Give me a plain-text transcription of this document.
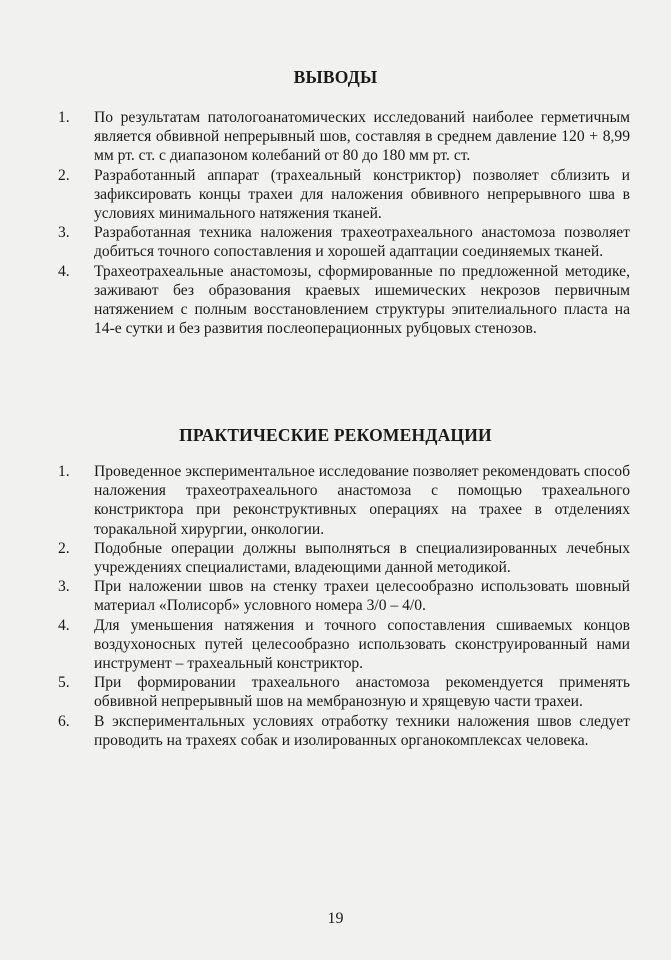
ВЫВОДЫ
1.	По результатам патологоанатомических исследований наиболее герметичным является обвивной непрерывный шов, составляя в среднем давление 120 + 8,99 мм рт. ст. с диапазоном колебаний от 80 до 180 мм рт. ст.
2.	Разработанный аппарат (трахеальный констриктор) позволяет сблизить и зафиксировать концы трахеи для наложения обвивного непрерывного шва в условиях минимального натяжения тканей.
3.	Разработанная техника наложения трахеотрахеального анастомоза позволяет добиться точного сопоставления и хорошей адаптации соединяемых тканей.
4.	Трахеотрахеальные анастомозы, сформированные по предложенной методике, заживают без образования краевых ишемических некрозов первичным натяжением с полным восстановлением структуры эпителиального пласта на 14-е сутки и без развития послеоперационных рубцовых стенозов.
ПРАКТИЧЕСКИЕ РЕКОМЕНДАЦИИ
1.	Проведенное экспериментальное исследование позволяет рекомендовать способ наложения трахеотрахеального анастомоза с помощью трахеального констриктора при реконструктивных операциях на трахее в отделениях торакальной хирургии, онкологии.
2.	Подобные операции должны выполняться в специализированных лечебных учреждениях специалистами, владеющими данной методикой.
3.	При наложении швов на стенку трахеи целесообразно использовать шовный материал «Полисорб» условного номера 3/0 – 4/0.
4.	Для уменьшения натяжения и точного сопоставления сшиваемых концов воздухоносных путей целесообразно использовать сконструированный нами инструмент – трахеальный констриктор.
5.	При формировании трахеального анастомоза рекомендуется применять обвивной непрерывный шов на мембранозную и хрящевую части трахеи.
6.	В экспериментальных условиях отработку техники наложения швов следует проводить на трахеях собак и изолированных органокомплексах человека.
19
